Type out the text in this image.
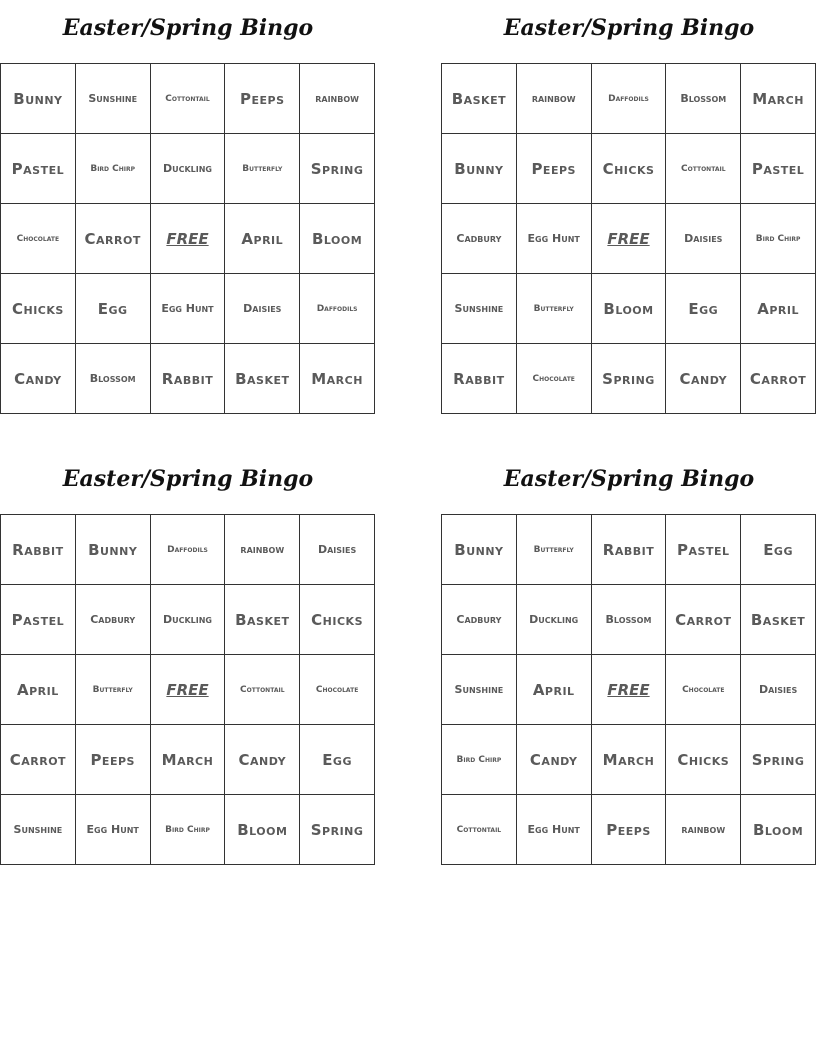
Easter/Spring Bingo
Bunny	Sunshine	Cottontail	Peeps	rainbow
Pastel	Bird Chirp	Duckling	Butterfly	Spring
Chocolate	Carrot	FREE	April	Bloom
Chicks	Egg	Egg Hunt	Daisies	Daffodils
Candy	Blossom	Rabbit	Basket	March
Easter/Spring Bingo
Basket	rainbow	Daffodils	Blossom	March
Bunny	Peeps	Chicks	Cottontail	Pastel
Cadbury	Egg Hunt	FREE	Daisies	Bird Chirp
Sunshine	Butterfly	Bloom	Egg	April
Rabbit	Chocolate	Spring	Candy	Carrot
Easter/Spring Bingo
Rabbit	Bunny	Daffodils	rainbow	Daisies
Pastel	Cadbury	Duckling	Basket	Chicks
April	Butterfly	FREE	Cottontail	Chocolate
Carrot	Peeps	March	Candy	Egg
Sunshine	Egg Hunt	Bird Chirp	Bloom	Spring
Easter/Spring Bingo
Bunny	Butterfly	Rabbit	Pastel	Egg
Cadbury	Duckling	Blossom	Carrot	Basket
Sunshine	April	FREE	Chocolate	Daisies
Bird Chirp	Candy	March	Chicks	Spring
Cottontail	Egg Hunt	Peeps	rainbow	Bloom
